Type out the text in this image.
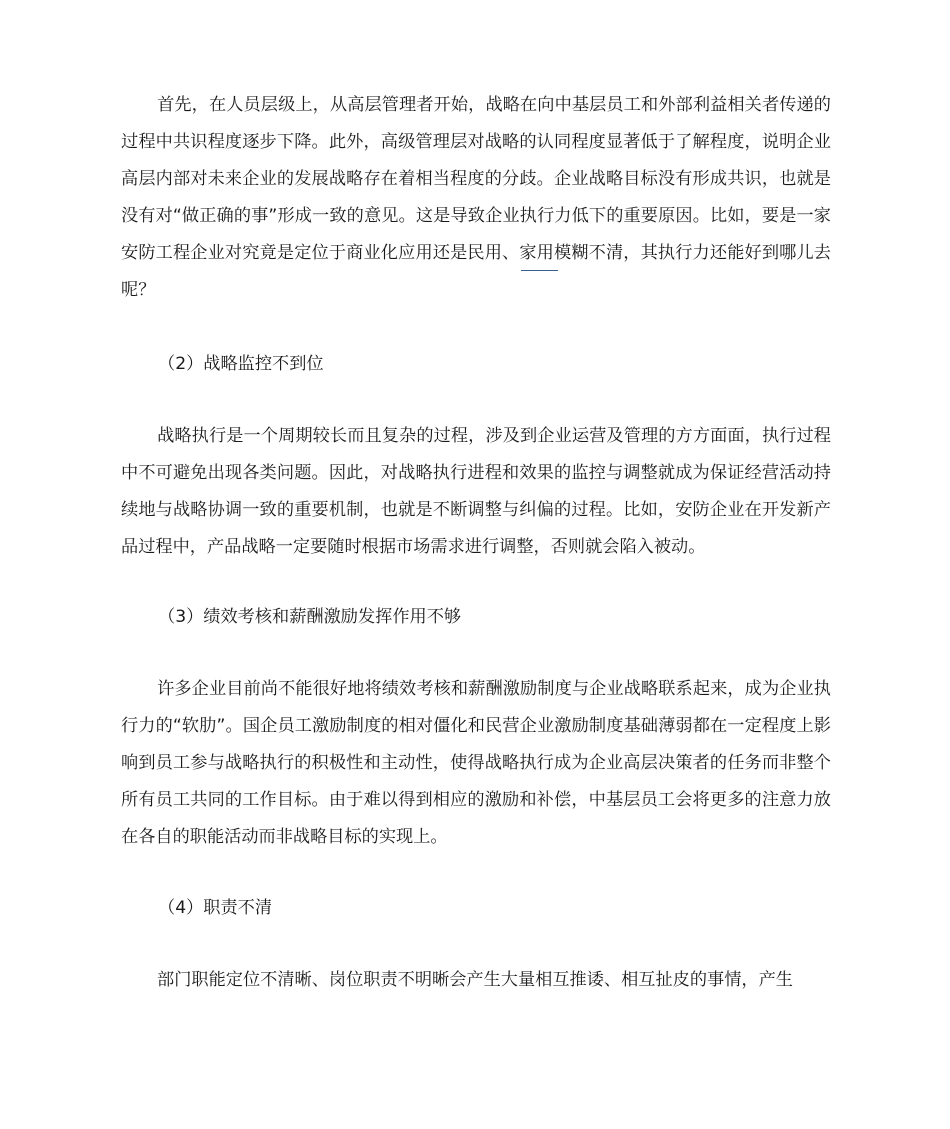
首先，在人员层级上，从高层管理者开始，战略在向中基层员工和外部利益相关者传递的过程中共识程度逐步下降。此外，高级管理层对战略的认同程度显著低于了解程度，说明企业高层内部对未来企业的发展战略存在着相当程度的分歧。企业战略目标没有形成共识，也就是没有对“做正确的事”形成一致的意见。这是导致企业执行力低下的重要原因。比如，要是一家安防工程企业对究竟是定位于商业化应用还是民用、家用模糊不清，其执行力还能好到哪儿去呢？

（2）战略监控不到位

战略执行是一个周期较长而且复杂的过程，涉及到企业运营及管理的方方面面，执行过程中不可避免出现各类问题。因此，对战略执行进程和效果的监控与调整就成为保证经营活动持续地与战略协调一致的重要机制，也就是不断调整与纠偏的过程。比如，安防企业在开发新产品过程中，产品战略一定要随时根据市场需求进行调整，否则就会陷入被动。

（3）绩效考核和薪酬激励发挥作用不够

许多企业目前尚不能很好地将绩效考核和薪酬激励制度与企业战略联系起来，成为企业执行力的“软肋”。国企员工激励制度的相对僵化和民营企业激励制度基础薄弱都在一定程度上影响到员工参与战略执行的积极性和主动性，使得战略执行成为企业高层决策者的任务而非整个所有员工共同的工作目标。由于难以得到相应的激励和补偿，中基层员工会将更多的注意力放在各自的职能活动而非战略目标的实现上。

（4）职责不清

部门职能定位不清晰、岗位职责不明晰会产生大量相互推诿、相互扯皮的事情，产生
